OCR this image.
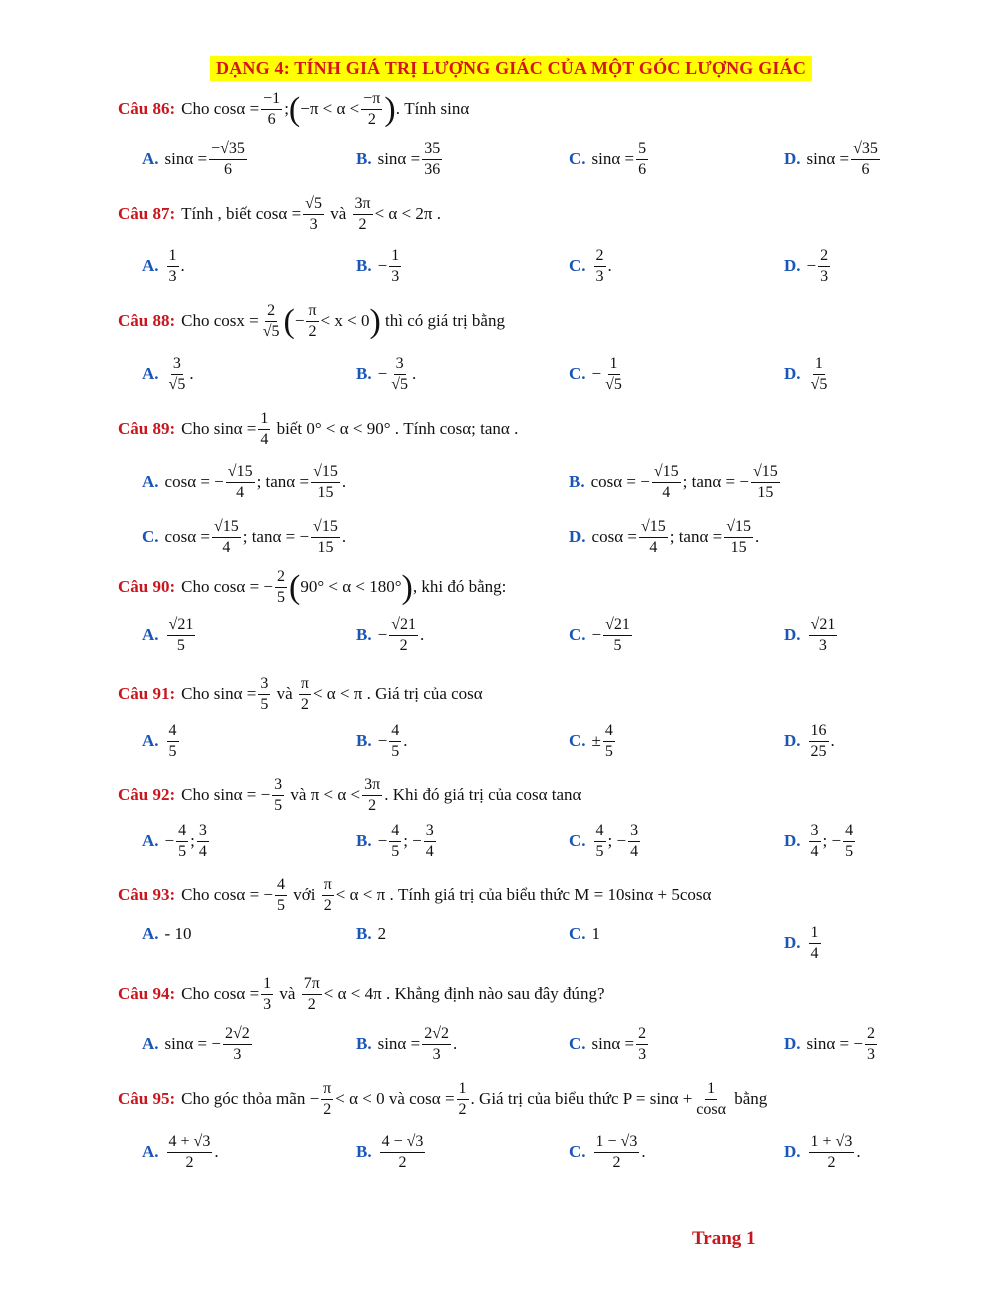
DẠNG 4: TÍNH GIÁ TRỊ LƯỢNG GIÁC CỦA MỘT GÓC LƯỢNG GIÁC
Câu 86: Cho $\cos\alpha = \frac{-1}{6}$ ;(−π < $\alpha < \frac{-\pi}{2}$ ). Tính sinα
A. $\sin\alpha = \frac{-√35}{6}$	B. $\sin\alpha = \frac{35}{36}$	C. $\sin\alpha = \frac{5}{6}$	D. $\sin\alpha = \frac{√35}{6}$
Câu 87: Tính , biết $\cos\alpha = \frac{√5}{3}$ và $\frac{3\pi}{2} < \alpha < 2\pi$ .
A. $\frac{1}{3}$ .	B. − $\frac{1}{3}$	C. $\frac{2}{3}$ .	D. − $\frac{2}{3}$
Câu 88: Cho $\cos x = \frac{2}{√5}$ (− $\frac{\pi}{2} < x < 0$) thì có giá trị bằng
A. $\frac{3}{√5}$ .	B. − $\frac{3}{√5}$ .	C. − $\frac{1}{√5}$	D. $\frac{1}{√5}$
Câu 89: Cho $\sin\alpha = \frac{1}{4}$ biết 0° < α < 90° . Tính cosα; tanα .
A. cosα = − $\frac{√15}{4}$ ; $\tan\alpha = \frac{√15}{15}$ .	B. cosα = − $\frac{√15}{4}$ ; tanα = − $\frac{√15}{15}$
C. $\cos\alpha = \frac{√15}{4}$ ; tanα = − $\frac{√15}{15}$ .	D. $\cos\alpha = \frac{√15}{4}$ ; $\tan\alpha = \frac{√15}{15}$ .
Câu 90: Cho cosα = − $\frac{2}{5} (90^\circ < \alpha < 180^\circ)$, khi đó bằng:
A. $\frac{√21}{5}$	B. − $\frac{√21}{2}$ .	C. − $\frac{√21}{5}$	D. $\frac{√21}{3}$
Câu 91: Cho $\sin\alpha = \frac{3}{5}$ và $\frac{\pi}{2} < \alpha < \pi$ . Giá trị của cosα
A. $\frac{4}{5}$	B. − $\frac{4}{5}$ .	C. ± $\frac{4}{5}$	D. $\frac{16}{25}$ .
Câu 92: Cho sinα = − $\frac{3}{5}$ và $\pi < \alpha < \frac{3\pi}{2}$ . Khi đó giá trị của cosα tanα
A. − $\frac{4}{5}$ ; $\frac{3}{4}$	B. − $\frac{4}{5}$ ; − $\frac{3}{4}$	C. $\frac{4}{5}$ ; − $\frac{3}{4}$	D. $\frac{3}{4}$ ; − $\frac{4}{5}$
Câu 93: Cho cosα = − $\frac{4}{5}$ với $\frac{\pi}{2} < \alpha < \pi$ . Tính giá trị của biểu thức M = 10sinα + 5cosα
A. - 10	B. 2	C. 1	D. $\frac{1}{4}$
Câu 94: Cho $\cos\alpha = \frac{1}{3}$ và $\frac{7\pi}{2} < \alpha < 4\pi$ . Khẳng định nào sau đây đúng?
A. sinα = − $\frac{2√2}{3}$	B. $\sin\alpha = \frac{2√2}{3}$ .	C. $\sin\alpha = \frac{2}{3}$	D. sinα = − $\frac{2}{3}$
Câu 95: Cho góc thỏa mãn − $\frac{\pi}{2} < \alpha < 0$ và $\cos\alpha = \frac{1}{2}$ . Giá trị của biểu thức $P = \sin\alpha + \frac{1}{\cos\alpha}$ bằng
A. $\frac{4 + √3}{2}$ .	B. $\frac{4 - √3}{2}$	C. $\frac{1 - √3}{2}$ .	D. $\frac{1 + √3}{2}$ .
Trang 1
